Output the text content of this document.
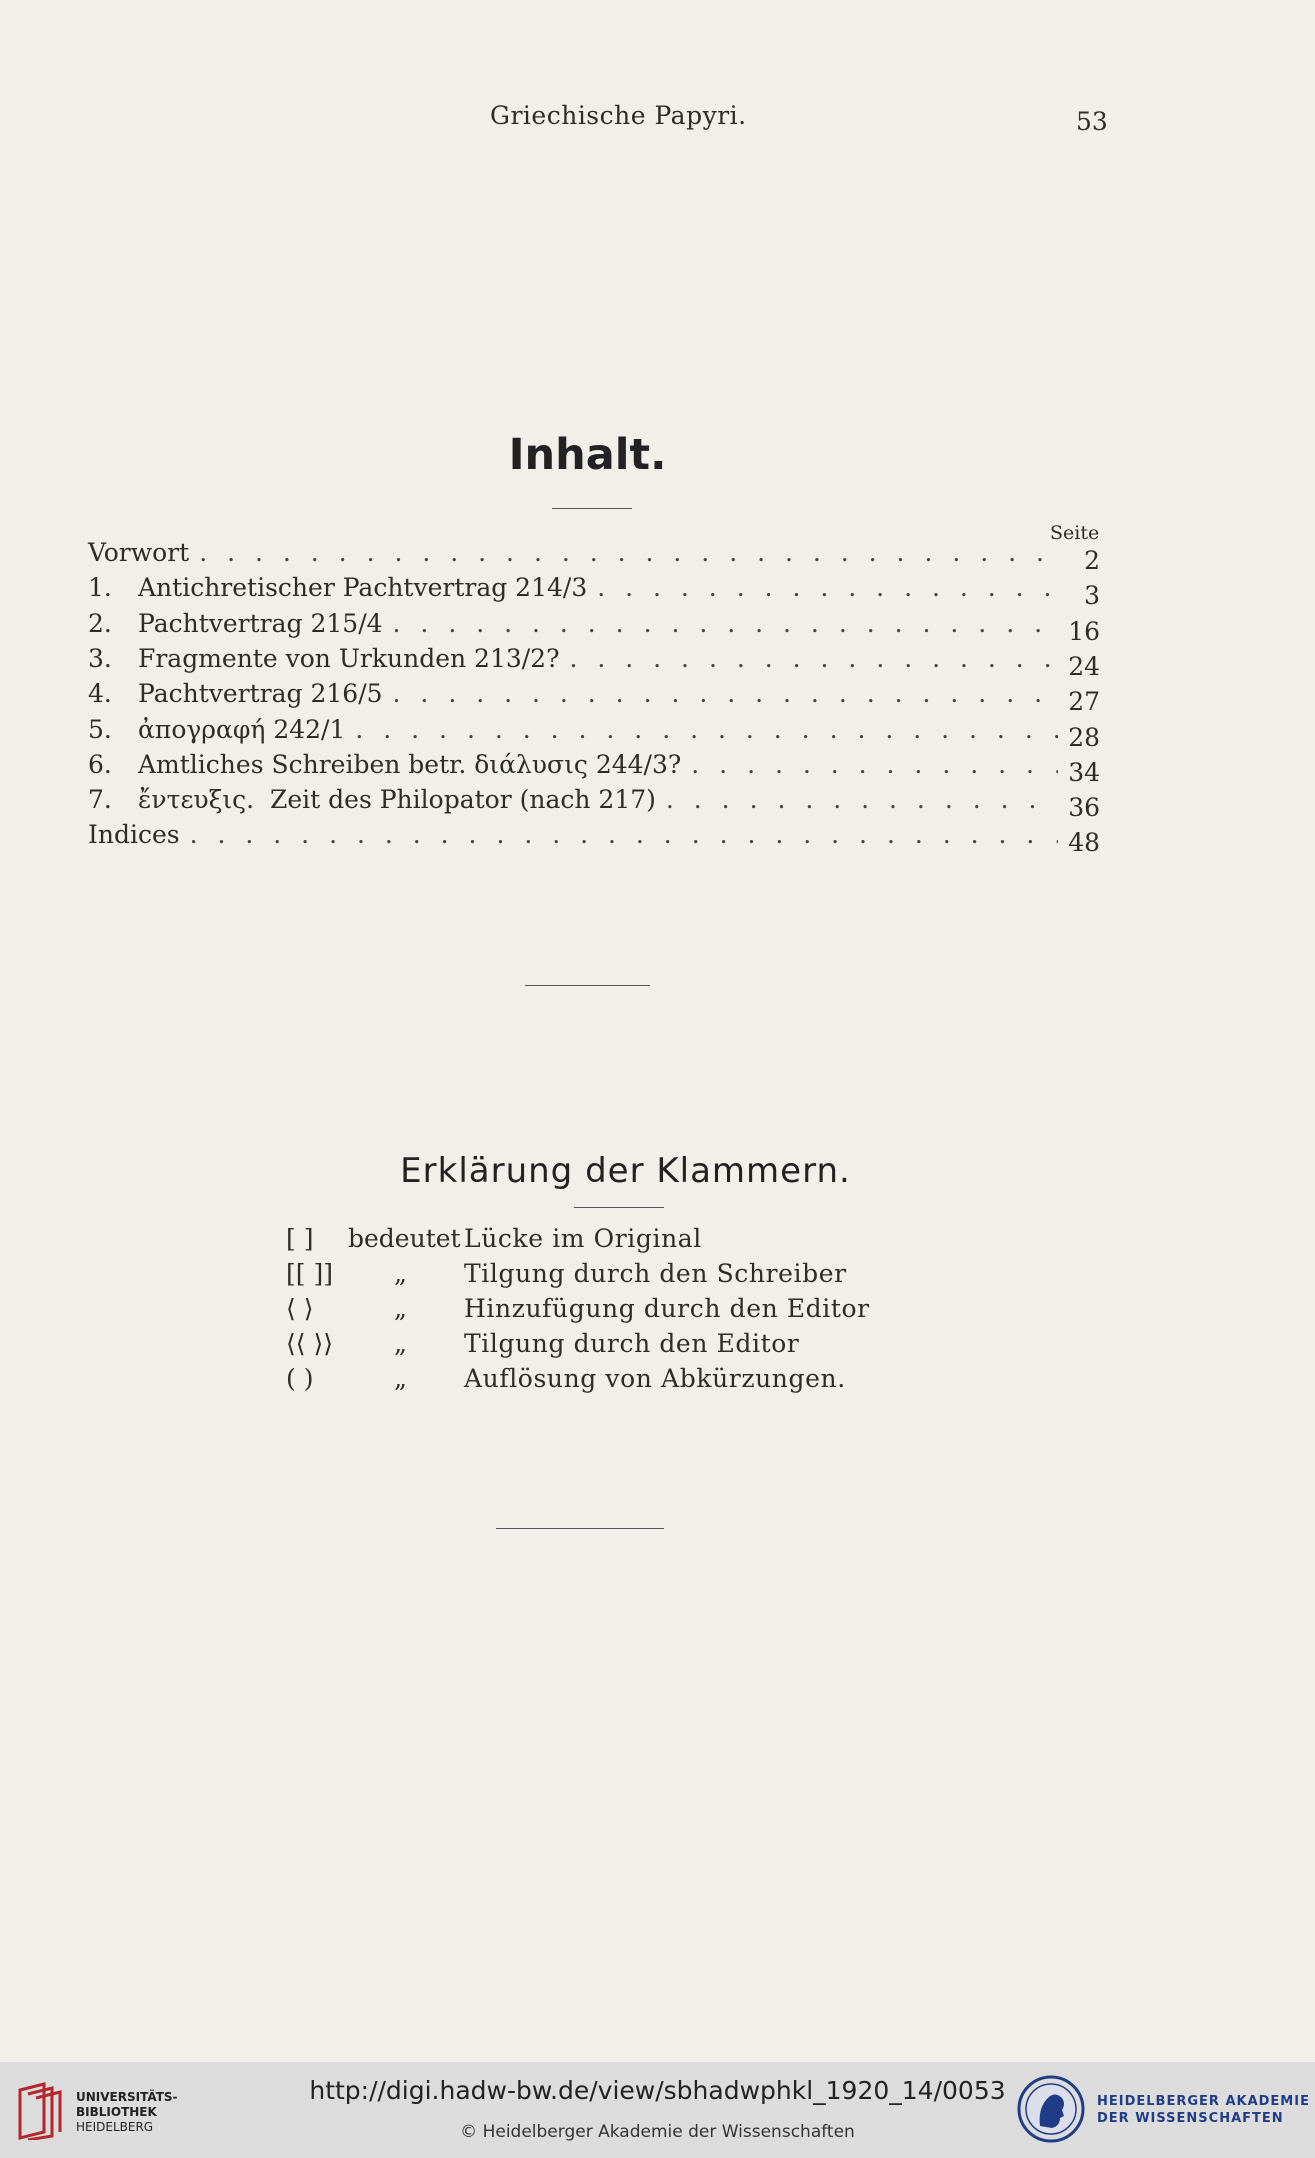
Griechische Papyri.	53
Inhalt.
Seite
Vorwort . . .	2
1.	Antichretischer Pachtvertrag 214/3 . . .	3
2.	Pachtvertrag 215/4 . . .	16
3.	Fragmente von Urkunden 213/2? . . .	24
4.	Pachtvertrag 216/5 . . .	27
5.	ἀπογραφή 242/1 . . .	28
6.	Amtliches Schreiben betr. διάλυσις 244/3? . . .	34
7.	ἔντευξις.  Zeit des Philopator (nach 217) . . .	36
Indices . . .	48
Erklärung der Klammern.
[ ] bedeutet Lücke im Original
[[ ]] „ Tilgung durch den Schreiber
⟨ ⟩	„ Hinzufügung durch den Editor
⟨⟨ ⟩⟩ „ Tilgung durch den Editor
( )	„ Auflösung von Abkürzungen.
UNIVERSITÄTS-
BIBLIOTHEK
HEIDELBERG
http://digi.hadw-bw.de/view/sbhadwphkl_1920_14/0053
© Heidelberger Akademie der Wissenschaften
HEIDELBERGER AKADEMIE
DER WISSENSCHAFTEN
